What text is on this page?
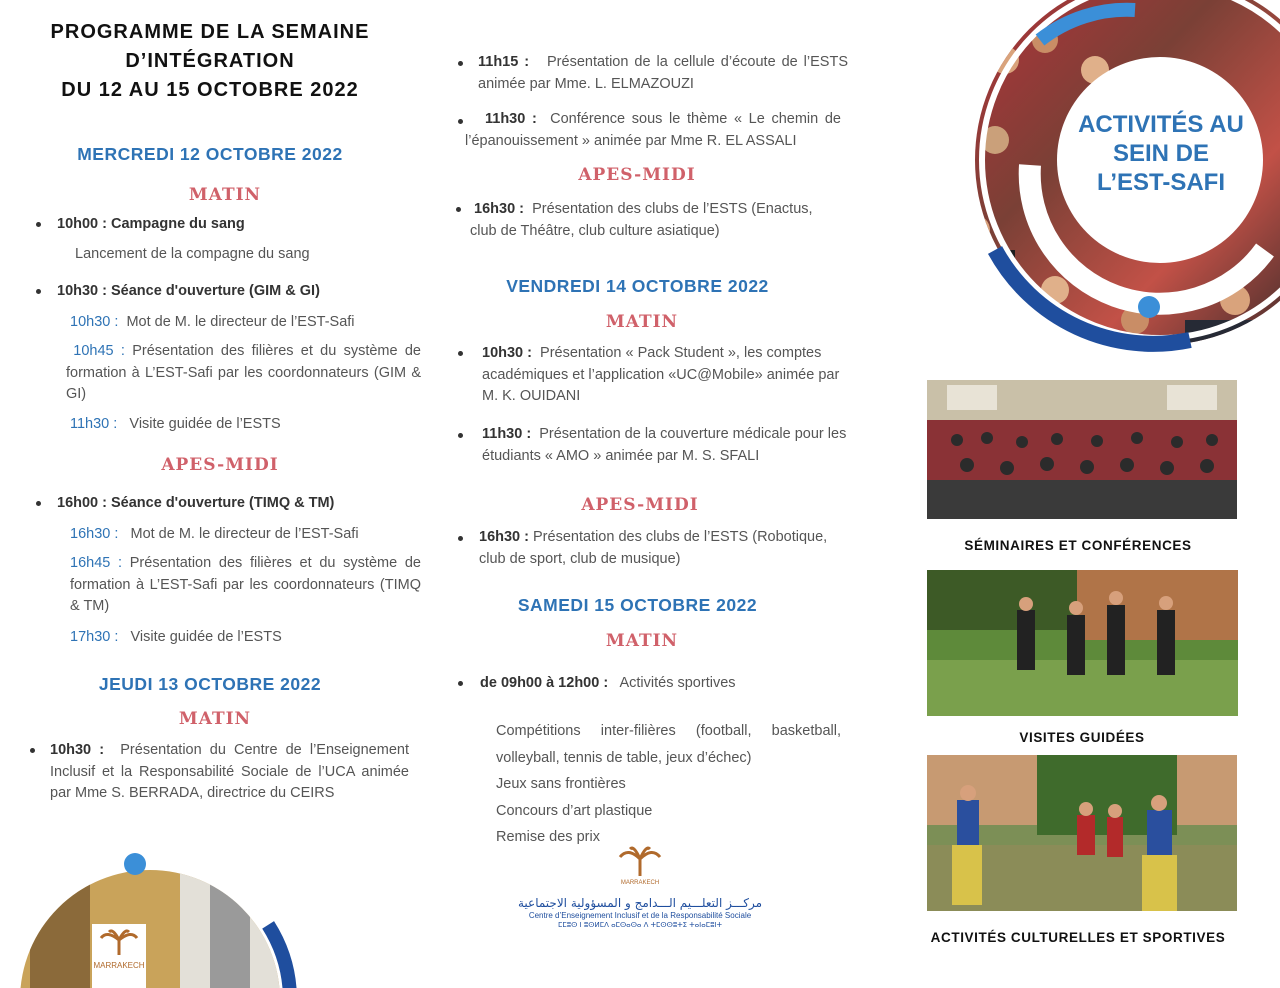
PROGRAMME DE LA SEMAINE
D’INTÉGRATION
DU 12 AU 15 OCTOBRE 2022
MERCREDI 12 OCTOBRE 2022
MATIN
10h00 : Campagne du sang
Lancement de la compagne du sang
10h30 : Séance d'ouverture (GIM & GI)
10h30 : Mot de M. le directeur de l’EST-Safi
10h45 : Présentation des filières et du système de formation à L’EST-Safi par les coordonnateurs (GIM & GI)
11h30 : Visite guidée de l’ESTS
APES-MIDI
16h00 : Séance d'ouverture (TIMQ & TM)
16h30 : Mot de M. le directeur de l’EST-Safi
16h45 : Présentation des filières et du système de formation à L’EST-Safi par les coordonnateurs (TIMQ & TM)
17h30 : Visite guidée de l’ESTS
JEUDI 13 OCTOBRE 2022
MATIN
10h30 : Présentation du Centre de l’Enseignement Inclusif et la Responsabilité Sociale de l’UCA animée par Mme S. BERRADA, directrice du CEIRS
MARRAKECH
11h15 : Présentation de la cellule d’écoute de l’ESTS animée par Mme. L. ELMAZOUZI
11h30 : Conférence sous le thème « Le chemin de l’épanouissement » animée par Mme R. EL ASSALI
APES-MIDI
16h30 : Présentation des clubs de l’ESTS (Enactus, club de Théâtre, club culture asiatique)
VENDREDI 14 OCTOBRE 2022
MATIN
10h30 : Présentation « Pack Student », les comptes académiques et l’application «UC@Mobile» animée par M. K. OUIDANI
11h30 : Présentation de la couverture médicale pour les étudiants « AMO » animée par M. S. SFALI
APES-MIDI
16h30 : Présentation des clubs de l’ESTS (Robotique, club de sport, club de musique)
SAMEDI 15 OCTOBRE 2022
MATIN
de 09h00 à 12h00 : Activités sportives
Compétitions inter-filières (football, basketball, volleyball, tennis de table, jeux d’échec)
Jeux sans frontières
Concours d’art plastique
Remise des prix
MARRAKECH
مركـــز التعلـــيم الـــدامج و المسؤولية الاجتماعية
Centre d’Enseignement Inclusif et de la Responsabilité Sociale
ⵎⵎⵓⵙ ⵏ ⵓⵙⵍⵎⴷ ⴰⵎⵙⴰⵙⴰ ⴷ ⵜⵎⵙⵙⵓⵜⵉ ⵜⴰⵏⴰⵎⵓⵏⵜ
ACTIVITÉS AU
SEIN DE
L’EST-SAFI
SÉMINAIRES ET CONFÉRENCES
VISITES GUIDÉES
ACTIVITÉS CULTURELLES ET SPORTIVES
